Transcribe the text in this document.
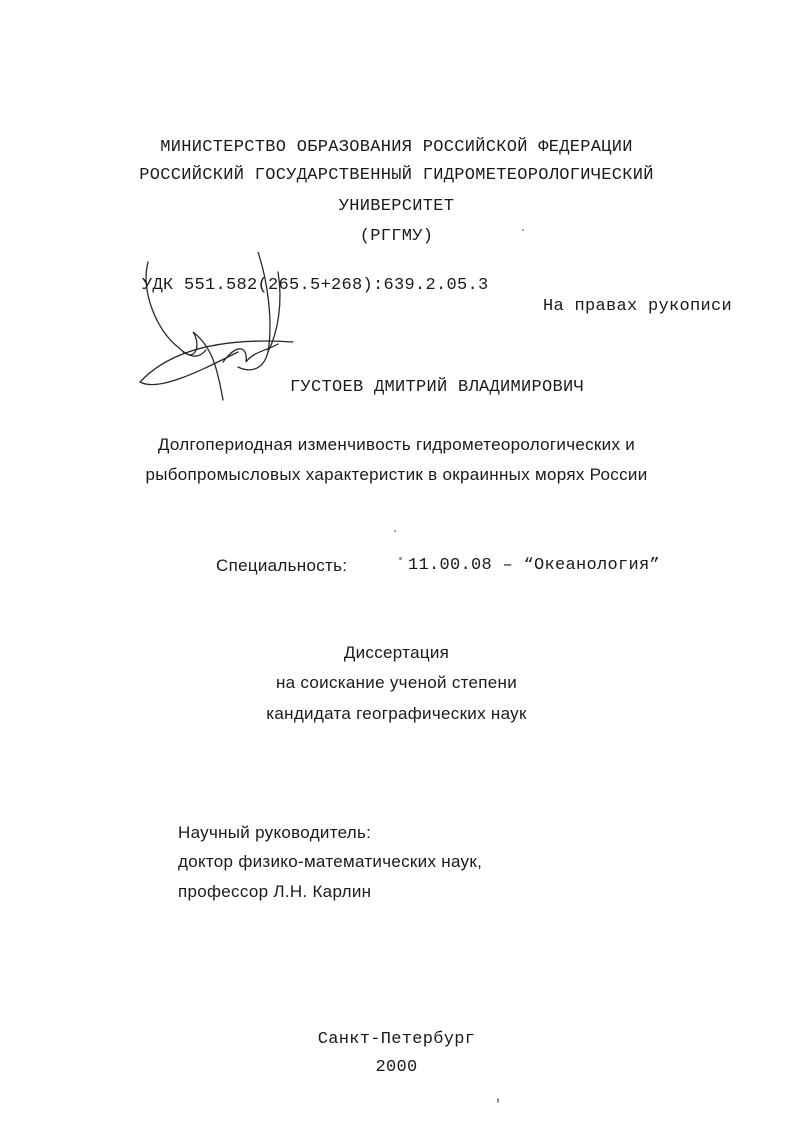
МИНИСТЕРСТВО ОБРАЗОВАНИЯ РОССИЙСКОЙ ФЕДЕРАЦИИ
РОССИЙСКИЙ ГОСУДАРСТВЕННЫЙ ГИДРОМЕТЕОРОЛОГИЧЕСКИЙ
УНИВЕРСИТЕТ
(РГГМУ)
УДК 551.582(265.5+268):639.2.05.3
На правах рукописи
ГУСТОЕВ ДМИТРИЙ ВЛАДИМИРОВИЧ
Долгопериодная изменчивость гидрометеорологических и
рыбопромысловых характеристик в окраинных морях России
Специальность:	11.00.08 – “Океанология”
Диссертация
на соискание ученой степени
кандидата географических наук
Научный руководитель:
доктор физико-математических наук,
профессор Л.Н. Карлин
Санкт-Петербург
2000
